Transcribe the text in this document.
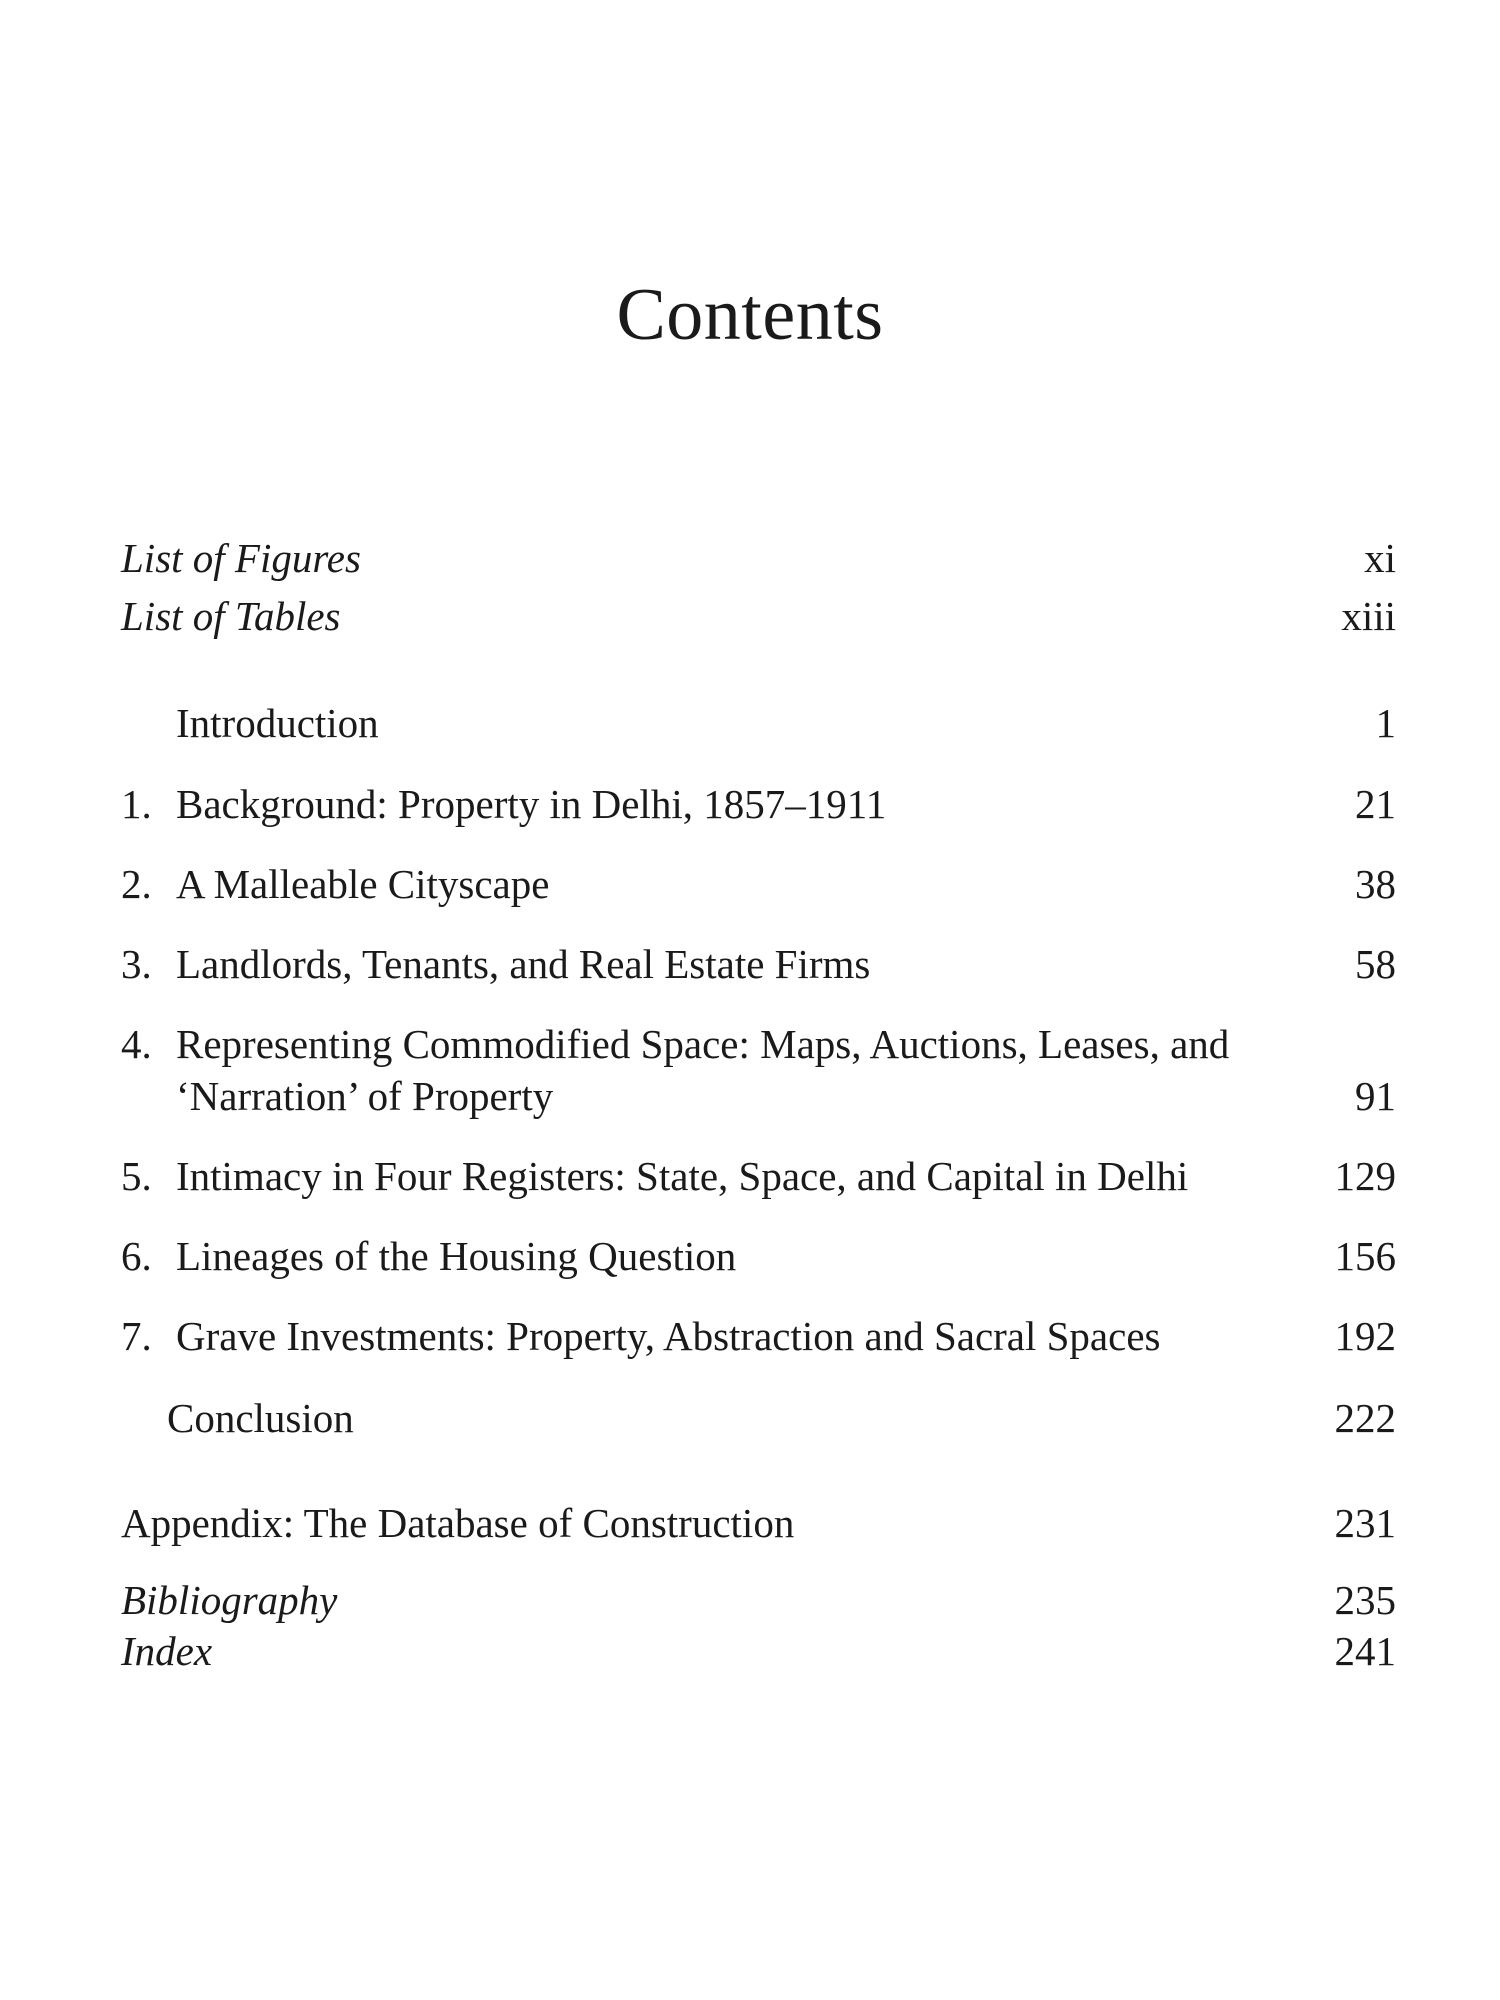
Contents
List of Figures	xi
List of Tables	xiii
Introduction	1
1. Background: Property in Delhi, 1857–1911	21
2. A Malleable Cityscape	38
3. Landlords, Tenants, and Real Estate Firms	58
4. Representing Commodified Space: Maps, Auctions, Leases, and ‘Narration’ of Property	91
5. Intimacy in Four Registers: State, Space, and Capital in Delhi	129
6. Lineages of the Housing Question	156
7. Grave Investments: Property, Abstraction and Sacral Spaces	192
Conclusion	222
Appendix: The Database of Construction	231
Bibliography	235
Index	241
